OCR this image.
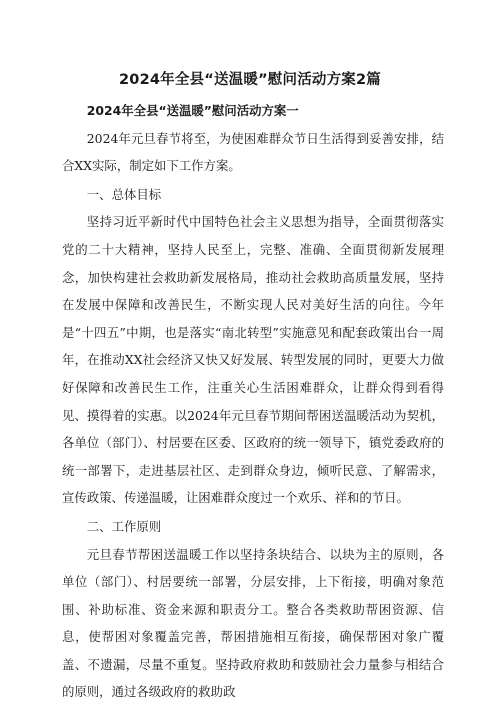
2024年全县“送温暖”慰问活动方案2篇

2024年全县“送温暖”慰问活动方案一

2024年元旦春节将至，为使困难群众节日生活得到妥善安排，结合XX实际，制定如下工作方案。

一、总体目标

坚持习近平新时代中国特色社会主义思想为指导，全面贯彻落实党的二十大精神，坚持人民至上，完整、准确、全面贯彻新发展理念，加快构建社会救助新发展格局，推动社会救助高质量发展，坚持在发展中保障和改善民生，不断实现人民对美好生活的向往。今年是“十四五”中期，也是落实“南北转型”实施意见和配套政策出台一周年，在推动XX社会经济又快又好发展、转型发展的同时，更要大力做好保障和改善民生工作，注重关心生活困难群众，让群众得到看得见、摸得着的实惠。以2024年元旦春节期间帮困送温暖活动为契机，各单位（部门）、村居要在区委、区政府的统一领导下，镇党委政府的统一部署下，走进基层社区、走到群众身边，倾听民意、了解需求，宣传政策、传递温暖，让困难群众度过一个欢乐、祥和的节日。

二、工作原则

元旦春节帮困送温暖工作以坚持条块结合、以块为主的原则，各单位（部门）、村居要统一部署，分层安排，上下衔接，明确对象范围、补助标准、资金来源和职责分工。整合各类救助帮困资源、信息，使帮困对象覆盖完善，帮困措施相互衔接，确保帮困对象广覆盖、不遗漏，尽量不重复。坚持政府救助和鼓励社会力量参与相结合的原则，通过各级政府的救助政
